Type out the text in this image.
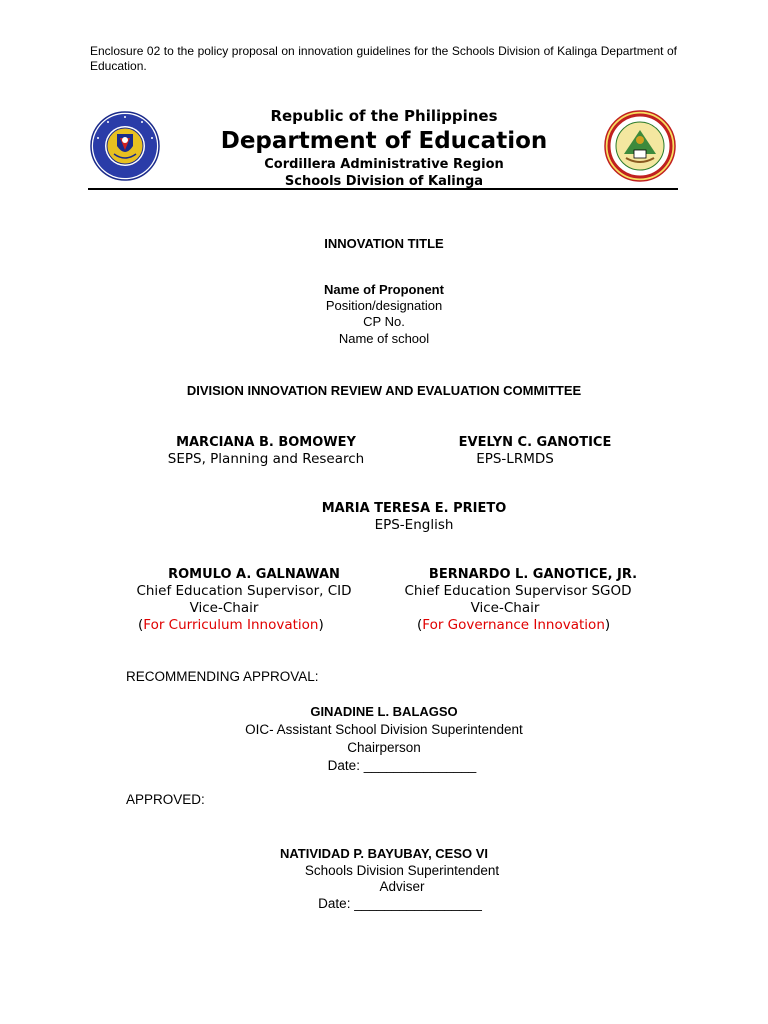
Enclosure 02 to the policy proposal on innovation guidelines for the Schools Division of Kalinga Department of Education.
Republic of the Philippines
Department of Education
Cordillera Administrative Region
Schools Division of Kalinga
INNOVATION TITLE
Name of Proponent
Position/designation
CP No.
Name of school
DIVISION INNOVATION REVIEW AND EVALUATION COMMITTEE
MARCIANA B. BOMOWEY
SEPS, Planning and Research
EVELYN C. GANOTICE
EPS-LRMDS
MARIA TERESA E. PRIETO
EPS-English
ROMULO A. GALNAWAN
Chief Education Supervisor, CID
Vice-Chair
(For Curriculum Innovation)
BERNARDO L. GANOTICE, JR.
Chief Education Supervisor SGOD
Vice-Chair
(For Governance Innovation)
RECOMMENDING APPROVAL:
GINADINE L. BALAGSO
OIC- Assistant School Division Superintendent
Chairperson
Date: _______________
APPROVED:
NATIVIDAD P. BAYUBAY, CESO VI
Schools Division Superintendent
Adviser
Date: _________________
